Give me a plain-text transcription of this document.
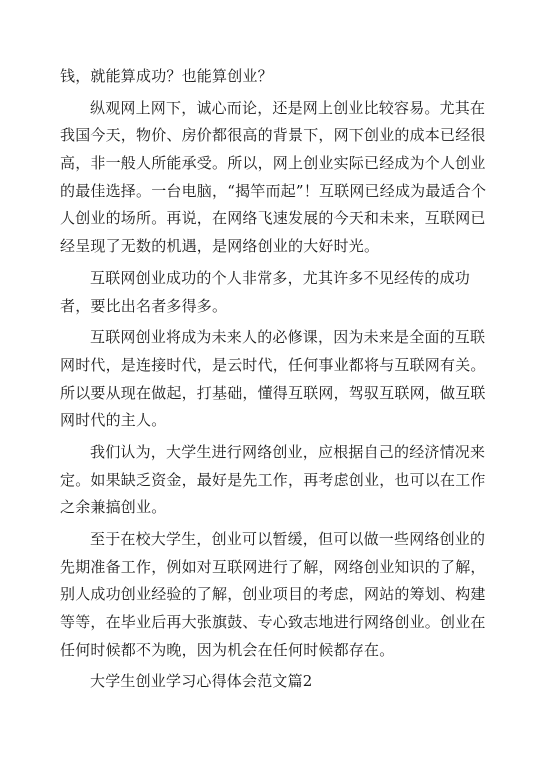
钱，就能算成功？也能算创业？
纵观网上网下，诚心而论，还是网上创业比较容易。尤其在
我国今天，物价、房价都很高的背景下，网下创业的成本已经很
高，非一般人所能承受。所以，网上创业实际已经成为个人创业
的最佳选择。一台电脑，“揭竿而起”！互联网已经成为最适合个
人创业的场所。再说，在网络飞速发展的今天和未来，互联网已
经呈现了无数的机遇，是网络创业的大好时光。
互联网创业成功的个人非常多，尤其许多不见经传的成功
者，要比出名者多得多。
互联网创业将成为未来人的必修课，因为未来是全面的互联
网时代，是连接时代，是云时代，任何事业都将与互联网有关。
所以要从现在做起，打基础，懂得互联网，驾驭互联网，做互联
网时代的主人。
我们认为，大学生进行网络创业，应根据自己的经济情况来
定。如果缺乏资金，最好是先工作，再考虑创业，也可以在工作
之余兼搞创业。
至于在校大学生，创业可以暂缓，但可以做一些网络创业的
先期准备工作，例如对互联网进行了解，网络创业知识的了解，
别人成功创业经验的了解，创业项目的考虑，网站的筹划、构建
等等，在毕业后再大张旗鼓、专心致志地进行网络创业。创业在
任何时候都不为晚，因为机会在任何时候都存在。
大学生创业学习心得体会范文篇2
